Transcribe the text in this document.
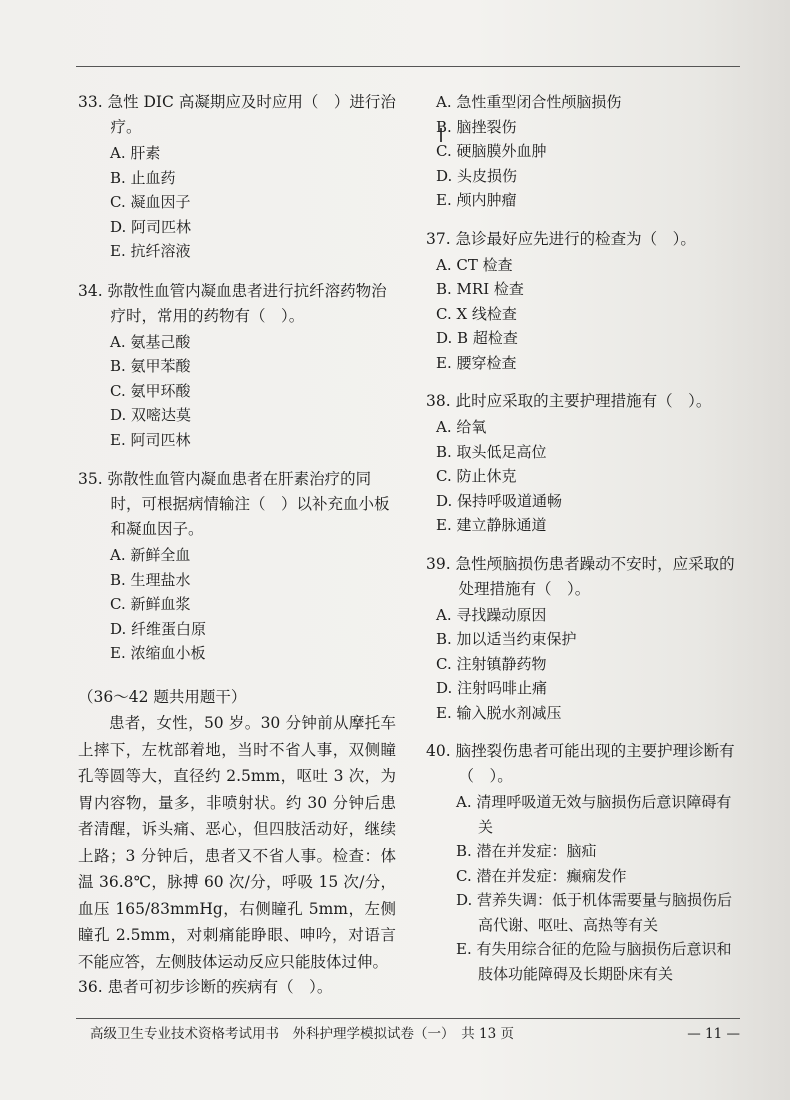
33. 急性 DIC 高凝期应及时应用（　）进行治疗。

A. 肝素
B. 止血药
C. 凝血因子
D. 阿司匹林
E. 抗纤溶液

34. 弥散性血管内凝血患者进行抗纤溶药物治疗时，常用的药物有（　）。

A. 氨基己酸
B. 氨甲苯酸
C. 氨甲环酸
D. 双嘧达莫
E. 阿司匹林

35. 弥散性血管内凝血患者在肝素治疗的同时，可根据病情输注（　）以补充血小板和凝血因子。

A. 新鲜全血
B. 生理盐水
C. 新鲜血浆
D. 纤维蛋白原
E. 浓缩血小板

（36～42 题共用题干）

患者，女性，50 岁。30 分钟前从摩托车上摔下，左枕部着地，当时不省人事，双侧瞳孔等圆等大，直径约 2.5mm，呕吐 3 次，为胃内容物，量多，非喷射状。约 30 分钟后患者清醒，诉头痛、恶心，但四肢活动好，继续上路；3 分钟后，患者又不省人事。检查：体温 36.8℃，脉搏 60 次/分，呼吸 15 次/分，血压 165/83mmHg，右侧瞳孔 5mm，左侧瞳孔 2.5mm，对刺痛能睁眼、呻吟，对语言不能应答，左侧肢体运动反应只能肢体过伸。

36. 患者可初步诊断的疾病有（　）。

A. 急性重型闭合性颅脑损伤
B. 脑挫裂伤
C. 硬脑膜外血肿
D. 头皮损伤
E. 颅内肿瘤

37. 急诊最好应先进行的检查为（　）。

A. CT 检查
B. MRI 检查
C. X 线检查
D. B 超检查
E. 腰穿检查

38. 此时应采取的主要护理措施有（　）。

A. 给氧
B. 取头低足高位
C. 防止休克
D. 保持呼吸道通畅
E. 建立静脉通道

39. 急性颅脑损伤患者躁动不安时，应采取的处理措施有（　）。

A. 寻找躁动原因
B. 加以适当约束保护
C. 注射镇静药物
D. 注射吗啡止痛
E. 输入脱水剂减压

40. 脑挫裂伤患者可能出现的主要护理诊断有（　）。

A. 清理呼吸道无效与脑损伤后意识障碍有关
B. 潜在并发症：脑疝
C. 潜在并发症：癫痫发作
D. 营养失调：低于机体需要量与脑损伤后高代谢、呕吐、高热等有关
E. 有失用综合征的危险与脑损伤后意识和肢体功能障碍及长期卧床有关
高级卫生专业技术资格考试用书　外科护理学模拟试卷（一）　共 13 页	— 11 —
